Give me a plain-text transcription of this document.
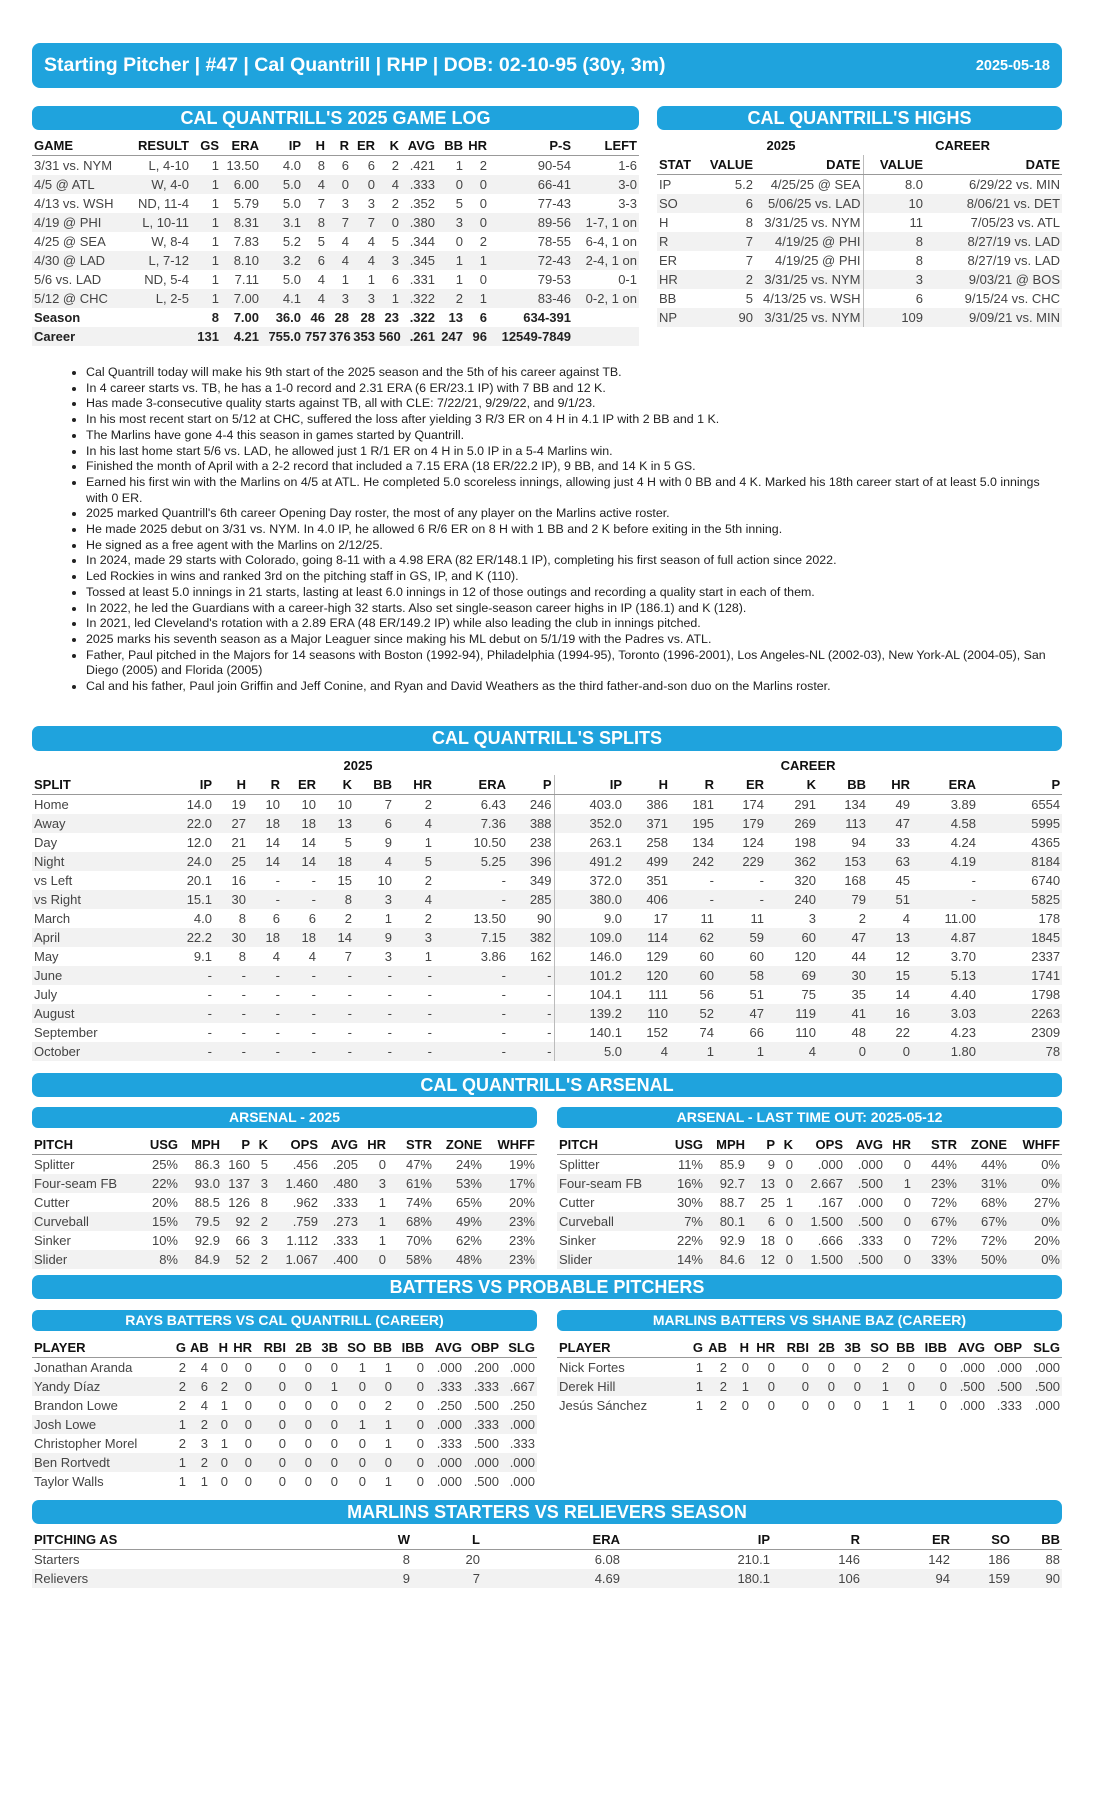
Starting Pitcher | #47 | Cal Quantrill | RHP | DOB: 02-10-95 (30y, 3m)	2025-05-18
CAL QUANTRILL'S 2025 GAME LOG
GAME	RESULT	GS	ERA	IP	H	R	ER	K	AVG	BB	HR	P-S	LEFT
3/31 vs. NYM	L, 4-10	1	13.50	4.0	8	6	6	2	.421	1	2	90-54	1-6
4/5 @ ATL	W, 4-0	1	6.00	5.0	4	0	0	4	.333	0	0	66-41	3-0
4/13 vs. WSH	ND, 11-4	1	5.79	5.0	7	3	3	2	.352	5	0	77-43	3-3
4/19 @ PHI	L, 10-11	1	8.31	3.1	8	7	7	0	.380	3	0	89-56	1-7, 1 on
4/25 @ SEA	W, 8-4	1	7.83	5.2	5	4	4	5	.344	0	2	78-55	6-4, 1 on
4/30 @ LAD	L, 7-12	1	8.10	3.2	6	4	4	3	.345	1	1	72-43	2-4, 1 on
5/6 vs. LAD	ND, 5-4	1	7.11	5.0	4	1	1	6	.331	1	0	79-53	0-1
5/12 @ CHC	L, 2-5	1	7.00	4.1	4	3	3	1	.322	2	1	83-46	0-2, 1 on
Season		8	7.00	36.0	46	28	28	23	.322	13	6	634-391	
Career		131	4.21	755.0	757	376	353	560	.261	247	96	12549-7849	
CAL QUANTRILL'S HIGHS
	2025		CAREER	
STAT	VALUE	DATE	VALUE	DATE
IP	5.2	4/25/25 @ SEA	8.0	6/29/22 vs. MIN
SO	6	5/06/25 vs. LAD	10	8/06/21 vs. DET
H	8	3/31/25 vs. NYM	11	7/05/23 vs. ATL
R	7	4/19/25 @ PHI	8	8/27/19 vs. LAD
ER	7	4/19/25 @ PHI	8	8/27/19 vs. LAD
HR	2	3/31/25 vs. NYM	3	9/03/21 @ BOS
BB	5	4/13/25 vs. WSH	6	9/15/24 vs. CHC
NP	90	3/31/25 vs. NYM	109	9/09/21 vs. MIN
• Cal Quantrill today will make his 9th start of the 2025 season and the 5th of his career against TB.
• In 4 career starts vs. TB, he has a 1-0 record and 2.31 ERA (6 ER/23.1 IP) with 7 BB and 12 K.
• Has made 3-consecutive quality starts against TB, all with CLE: 7/22/21, 9/29/22, and 9/1/23.
• In his most recent start on 5/12 at CHC, suffered the loss after yielding 3 R/3 ER on 4 H in 4.1 IP with 2 BB and 1 K.
• The Marlins have gone 4-4 this season in games started by Quantrill.
• In his last home start 5/6 vs. LAD, he allowed just 1 R/1 ER on 4 H in 5.0 IP in a 5-4 Marlins win.
• Finished the month of April with a 2-2 record that included a 7.15 ERA (18 ER/22.2 IP), 9 BB, and 14 K in 5 GS.
• Earned his first win with the Marlins on 4/5 at ATL. He completed 5.0 scoreless innings, allowing just 4 H with 0 BB and 4 K. Marked his 18th career start of at least 5.0 innings with 0 ER.
• 2025 marked Quantrill's 6th career Opening Day roster, the most of any player on the Marlins active roster.
• He made 2025 debut on 3/31 vs. NYM. In 4.0 IP, he allowed 6 R/6 ER on 8 H with 1 BB and 2 K before exiting in the 5th inning.
• He signed as a free agent with the Marlins on 2/12/25.
• In 2024, made 29 starts with Colorado, going 8-11 with a 4.98 ERA (82 ER/148.1 IP), completing his first season of full action since 2022.
• Led Rockies in wins and ranked 3rd on the pitching staff in GS, IP, and K (110).
• Tossed at least 5.0 innings in 21 starts, lasting at least 6.0 innings in 12 of those outings and recording a quality start in each of them.
• In 2022, he led the Guardians with a career-high 32 starts. Also set single-season career highs in IP (186.1) and K (128).
• In 2021, led Cleveland's rotation with a 2.89 ERA (48 ER/149.2 IP) while also leading the club in innings pitched.
• 2025 marks his seventh season as a Major Leaguer since making his ML debut on 5/1/19 with the Padres vs. ATL.
• Father, Paul pitched in the Majors for 14 seasons with Boston (1992-94), Philadelphia (1994-95), Toronto (1996-2001), Los Angeles-NL (2002-03), New York-AL (2004-05), San Diego (2005) and Florida (2005)
• Cal and his father, Paul join Griffin and Jeff Conine, and Ryan and David Weathers as the third father-and-son duo on the Marlins roster.
CAL QUANTRILL'S SPLITS
	2025									CAREER								
SPLIT	IP	H	R	ER	K	BB	HR	ERA	P	IP	H	R	ER	K	BB	HR	ERA	P
Home	14.0	19	10	10	10	7	2	6.43	246	403.0	386	181	174	291	134	49	3.89	6554
Away	22.0	27	18	18	13	6	4	7.36	388	352.0	371	195	179	269	113	47	4.58	5995
Day	12.0	21	14	14	5	9	1	10.50	238	263.1	258	134	124	198	94	33	4.24	4365
Night	24.0	25	14	14	18	4	5	5.25	396	491.2	499	242	229	362	153	63	4.19	8184
vs Left	20.1	16	-	-	15	10	2	-	349	372.0	351	-	-	320	168	45	-	6740
vs Right	15.1	30	-	-	8	3	4	-	285	380.0	406	-	-	240	79	51	-	5825
March	4.0	8	6	6	2	1	2	13.50	90	9.0	17	11	11	3	2	4	11.00	178
April	22.2	30	18	18	14	9	3	7.15	382	109.0	114	62	59	60	47	13	4.87	1845
May	9.1	8	4	4	7	3	1	3.86	162	146.0	129	60	60	120	44	12	3.70	2337
June	-	-	-	-	-	-	-	-	-	101.2	120	60	58	69	30	15	5.13	1741
July	-	-	-	-	-	-	-	-	-	104.1	111	56	51	75	35	14	4.40	1798
August	-	-	-	-	-	-	-	-	-	139.2	110	52	47	119	41	16	3.03	2263
September	-	-	-	-	-	-	-	-	-	140.1	152	74	66	110	48	22	4.23	2309
October	-	-	-	-	-	-	-	-	-	5.0	4	1	1	4	0	0	1.80	78
CAL QUANTRILL'S ARSENAL
ARSENAL - 2025	ARSENAL - LAST TIME OUT: 2025-05-12
PITCH	USG	MPH	P	K	OPS	AVG	HR	STR	ZONE	WHFF
Splitter	25%	86.3	160	5	.456	.205	0	47%	24%	19%
Four-seam FB	22%	93.0	137	3	1.460	.480	3	61%	53%	17%
Cutter	20%	88.5	126	8	.962	.333	1	74%	65%	20%
Curveball	15%	79.5	92	2	.759	.273	1	68%	49%	23%
Sinker	10%	92.9	66	3	1.112	.333	1	70%	62%	23%
Slider	8%	84.9	52	2	1.067	.400	0	58%	48%	23%
PITCH	USG	MPH	P	K	OPS	AVG	HR	STR	ZONE	WHFF
Splitter	11%	85.9	9	0	.000	.000	0	44%	44%	0%
Four-seam FB	16%	92.7	13	0	2.667	.500	1	23%	31%	0%
Cutter	30%	88.7	25	1	.167	.000	0	72%	68%	27%
Curveball	7%	80.1	6	0	1.500	.500	0	67%	67%	0%
Sinker	22%	92.9	18	0	.666	.333	0	72%	72%	20%
Slider	14%	84.6	12	0	1.500	.500	0	33%	50%	0%
BATTERS VS PROBABLE PITCHERS
RAYS BATTERS VS CAL QUANTRILL (CAREER)	MARLINS BATTERS VS SHANE BAZ (CAREER)
PLAYER	G	AB	H	HR	RBI	2B	3B	SO	BB	IBB	AVG	OBP	SLG
Jonathan Aranda	2	4	0	0	0	0	0	1	1	0	.000	.200	.000
Yandy Díaz	2	6	2	0	0	0	1	0	0	0	.333	.333	.667
Brandon Lowe	2	4	1	0	0	0	0	0	2	0	.250	.500	.250
Josh Lowe	1	2	0	0	0	0	0	1	1	0	.000	.333	.000
Christopher Morel	2	3	1	0	0	0	0	0	1	0	.333	.500	.333
Ben Rortvedt	1	2	0	0	0	0	0	0	0	0	.000	.000	.000
Taylor Walls	1	1	0	0	0	0	0	0	1	0	.000	.500	.000
PLAYER	G	AB	H	HR	RBI	2B	3B	SO	BB	IBB	AVG	OBP	SLG
Nick Fortes	1	2	0	0	0	0	0	2	0	0	.000	.000	.000
Derek Hill	1	2	1	0	0	0	0	1	0	0	.500	.500	.500
Jesús Sánchez	1	2	0	0	0	0	0	1	1	0	.000	.333	.000
MARLINS STARTERS VS RELIEVERS SEASON
PITCHING AS	W	L	ERA	IP	R	ER	SO	BB
Starters	8	20	6.08	210.1	146	142	186	88
Relievers	9	7	4.69	180.1	106	94	159	90
